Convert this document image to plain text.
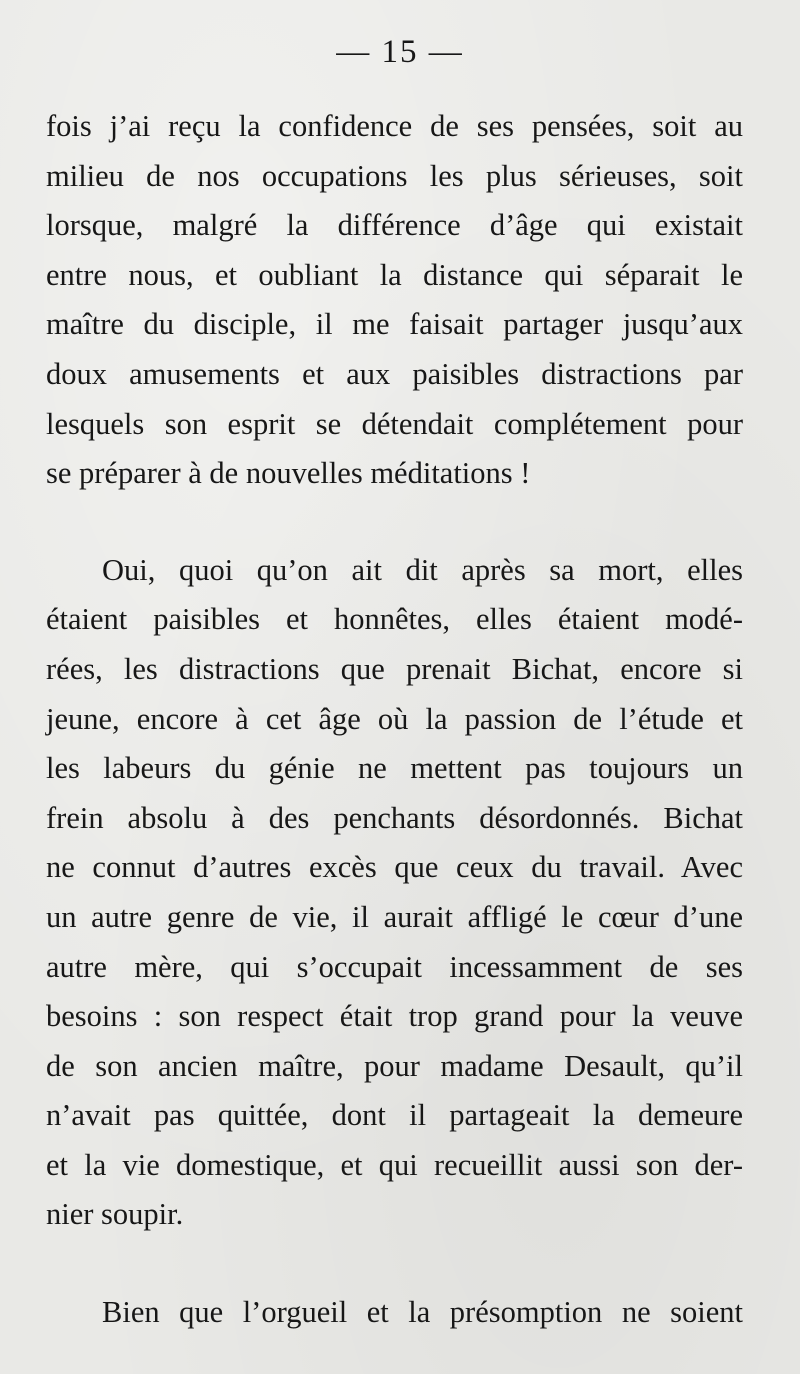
— 15 —
fois j’ai reçu la confidence de ses pensées, soit au
milieu de nos occupations les plus sérieuses, soit
lorsque, malgré la différence d’âge qui existait
entre nous, et oubliant la distance qui séparait le
maître du disciple, il me faisait partager jusqu’aux
doux amusements et aux paisibles distractions par
lesquels son esprit se détendait complétement pour
se préparer à de nouvelles méditations !
Oui, quoi qu’on ait dit après sa mort, elles
étaient paisibles et honnêtes, elles étaient modé-
rées, les distractions que prenait Bichat, encore si
jeune, encore à cet âge où la passion de l’étude et
les labeurs du génie ne mettent pas toujours un
frein absolu à des penchants désordonnés. Bichat
ne connut d’autres excès que ceux du travail. Avec
un autre genre de vie, il aurait affligé le cœur d’une
autre mère, qui s’occupait incessamment de ses
besoins : son respect était trop grand pour la veuve
de son ancien maître, pour madame Desault, qu’il
n’avait pas quittée, dont il partageait la demeure
et la vie domestique, et qui recueillit aussi son der-
nier soupir.
Bien que l’orgueil et la présomption ne soient
